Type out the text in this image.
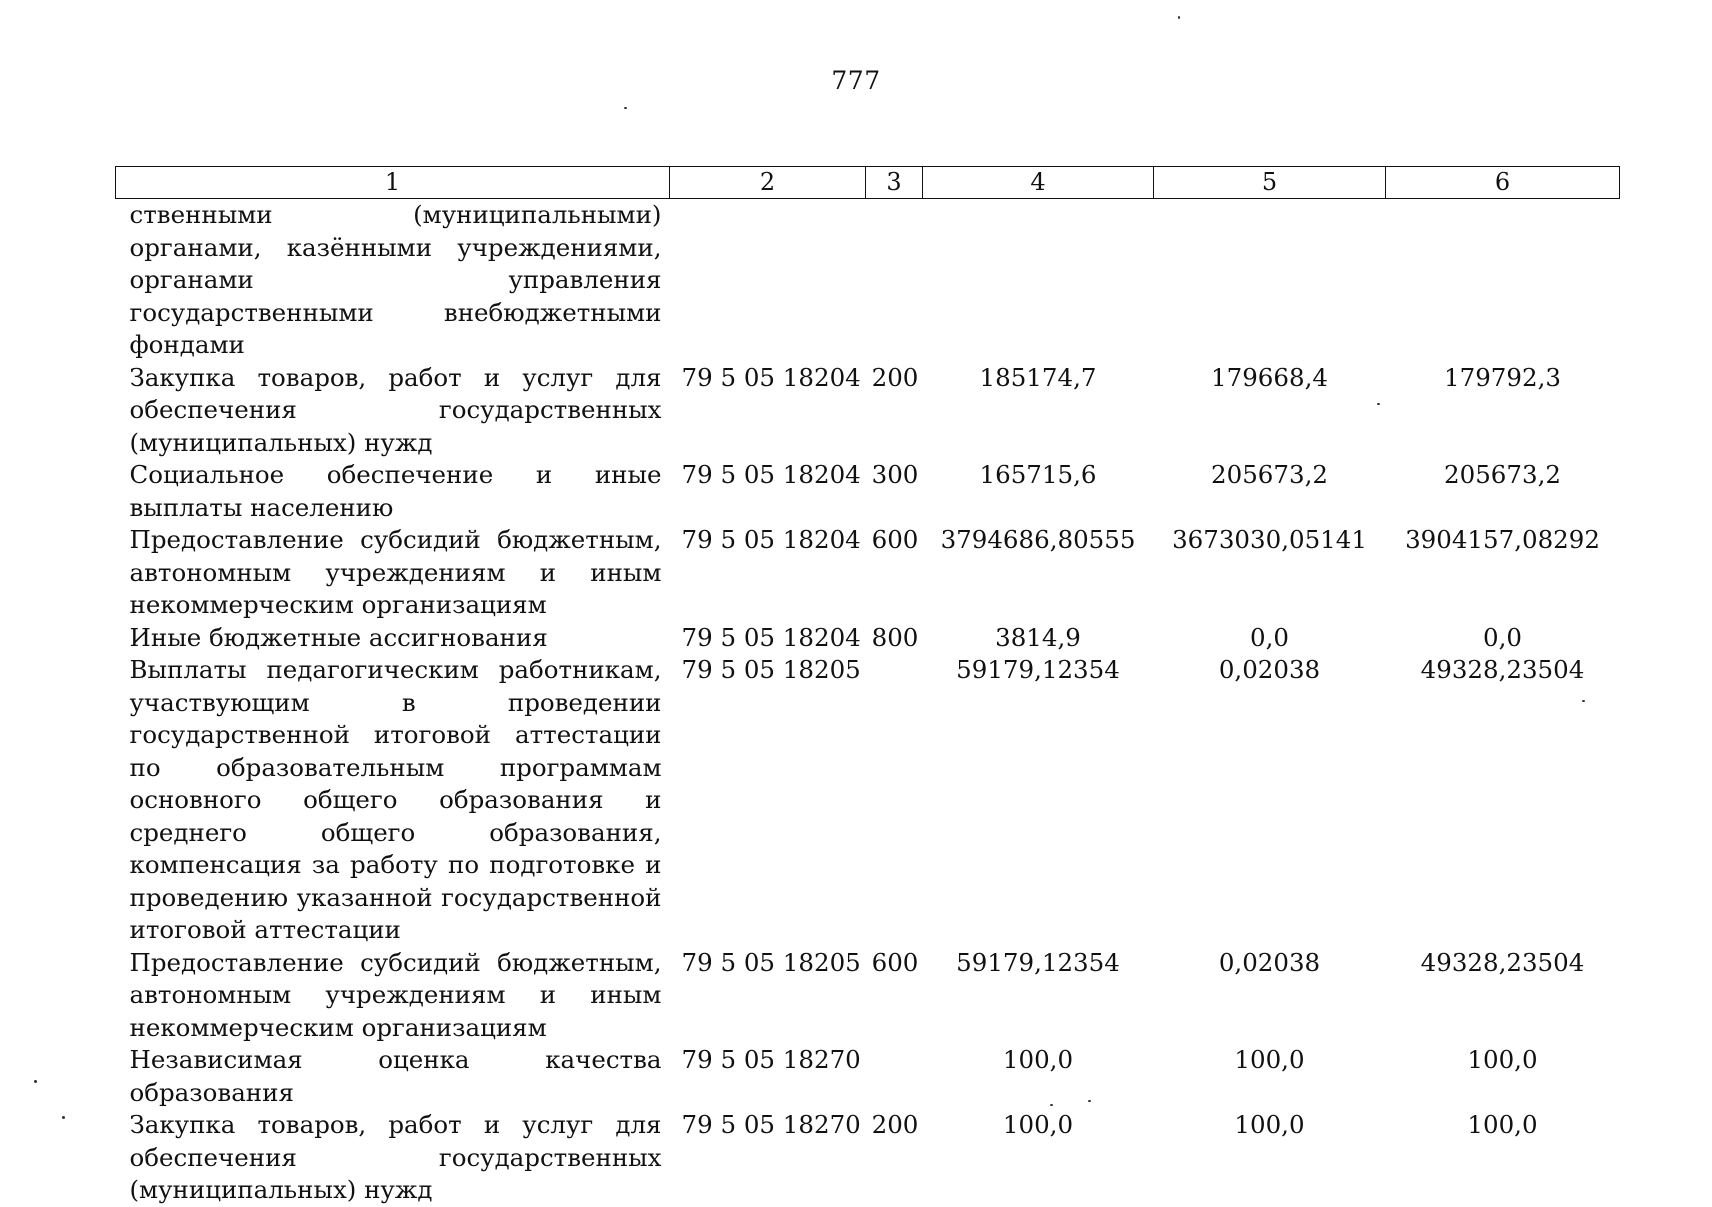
777
1	2	3	4	5	6
ственными (муниципальными) органами, казёнными учреждениями, органами управления государственными внебюджетными фондами					
Закупка товаров, работ и услуг для обеспечения государственных (муниципальных) нужд	79 5 05 18204	200	185174,7	179668,4	179792,3
Социальное обеспечение и иные выплаты населению	79 5 05 18204	300	165715,6	205673,2	205673,2
Предоставление субсидий бюджетным, автономным учреждениям и иным некоммерческим организациям	79 5 05 18204	600	3794686,80555	3673030,05141	3904157,08292
Иные бюджетные ассигнования	79 5 05 18204	800	3814,9	0,0	0,0
Выплаты педагогическим работникам, участвующим в проведении государственной итоговой аттестации по образовательным программам основного общего образования и среднего общего образования, компенсация за работу по подготовке и проведению указанной государственной итоговой аттестации	79 5 05 18205		59179,12354	0,02038	49328,23504
Предоставление субсидий бюджетным, автономным учреждениям и иным некоммерческим организациям	79 5 05 18205	600	59179,12354	0,02038	49328,23504
Независимая оценка качества образования	79 5 05 18270		100,0	100,0	100,0
Закупка товаров, работ и услуг для обеспечения государственных (муниципальных) нужд	79 5 05 18270	200	100,0	100,0	100,0
